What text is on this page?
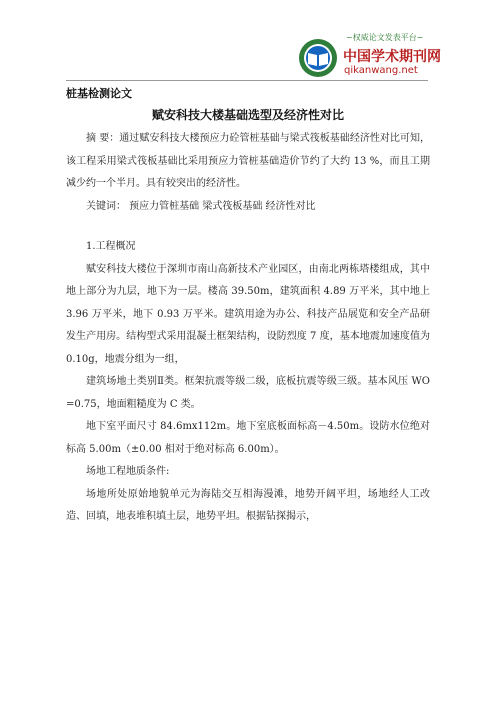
~权威论文发表平台~
中国学术期刊网
qikanwang.net
桩基检测论文
赋安科技大楼基础选型及经济性对比

摘 要：通过赋安科技大楼预应力砼管桩基础与梁式筏板基础经济性对比可知，该工程采用梁式筏板基础比采用预应力管桩基础造价节约了大约 13 %，而且工期减少约一个半月。具有较突出的经济性。

关键词： 预应力管桩基础 梁式筏板基础 经济性对比

1.工程概况

赋安科技大楼位于深圳市南山高新技术产业园区，由南北两栋塔楼组成，其中地上部分为九层，地下为一层。楼高 39.50m，建筑面积 4.89 万平米，其中地上 3.96 万平米，地下 0.93 万平米。建筑用途为办公、科技产品展览和安全产品研发生产用房。结构型式采用混凝土框架结构，设防烈度 7 度，基本地震加速度值为 0.10g，地震分组为一组，

建筑场地土类别Ⅱ类。框架抗震等级二级，底板抗震等级三级。基本风压 WO =0.75，地面粗糙度为 C 类。

地下室平面尺寸 84.6mx112m。地下室底板面标高－4.50m。设防水位绝对标高 5.00m（±0.00 相对于绝对标高 6.00m）。

场地工程地质条件:

场地所处原始地貌单元为海陆交互相海漫滩，地势开阔平坦，场地经人工改造、回填，地表堆积填土层，地势平坦。根据钻探揭示，
